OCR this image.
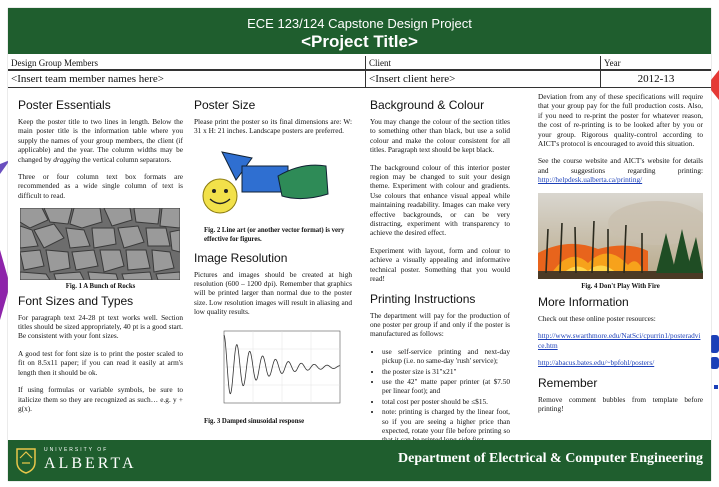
ECE 123/124 Capstone Design Project
<Project Title>
Design Group Members	Client	Year
<Insert team member names here>	<Insert client here>	2012-13
Poster Essentials

Keep the poster title to two lines in length. Below the main poster title is the information table where you supply the names of your group members, the client (if applicable) and the year. The column widths may be changed by dragging the vertical column separators.

Three or four column text box formats are recommended as a wide single column of text is difficult to read.

Fig. 1 A Bunch of Rocks
Font Sizes and Types

For paragraph text 24-28 pt text works well. Section titles should be sized appropriately, 40 pt is a good start. Be consistent with your font sizes.

A good test for font size is to print the poster scaled to fit on 8.5x11 paper; if you can read it easily at arm's length then it should be ok.

If using formulas or variable symbols, be sure to italicize them so they are recognized as such… e.g. y + g(x).

Poster Size

Please print the poster so its final dimensions are: W: 31 x H: 21 inches. Landscape posters are preferred.

Fig. 2 Line art (or another vector format) is very effective for figures.
Image Resolution

Pictures and images should be created at high resolution (600 – 1200 dpi). Remember that graphics will be printed larger than normal due to the poster size. Low resolution images will result in aliasing and low quality results.

Fig. 3 Damped sinusoidal response
Background & Colour

You may change the colour of the section titles to something other than black, but use a solid colour and make the colour consistent for all titles. Paragraph text should be kept black.

The background colour of this interior poster region may be changed to suit your design theme. Experiment with colour and gradients. Use colours that enhance visual appeal while maintaining readability. Images can make very effective backgrounds, or can be very distracting, experiment with transparency to achieve the desired effect.

Experiment with layout, form and colour to achieve a visually appealing and informative technical poster. Something that you would read!

Printing Instructions

The department will pay for the production of one poster per group if and only if the poster is manufactured as follows:

• use self-service printing and next-day pickup (i.e. no same-day 'rush' service);
• the poster size is 31"x21"
• use the 42" matte paper printer (at $7.50 per linear foot); and
• total cost per poster should be ≤$15.
• note: printing is charged by the linear foot, so if you are seeing a higher price than expected, rotate your file before printing so

Deviation from any of these specifications will require that your group pay for the full production costs. Also, if you need to re-print the poster for whatever reason, the cost of re-printing is to be looked after by you or your group. Rigorous quality-control according to AICT's protocol is encouraged to avoid this situation.

See the course website and AICT's website for details and suggestions regarding printing: http://helpdesk.ualberta.ca/printing/

Fig. 4 Don't Play With Fire
More Information

Check out these online poster resources:

http://www.swarthmore.edu/NatSci/cpurrin1/posteradvice.htm

http://abacus.bates.edu/~bpfohl/posters/

Remember

Remove comment bubbles from template before printing!

UNIVERSITY OF
ALBERTA	Department of Electrical & Computer Engineering
